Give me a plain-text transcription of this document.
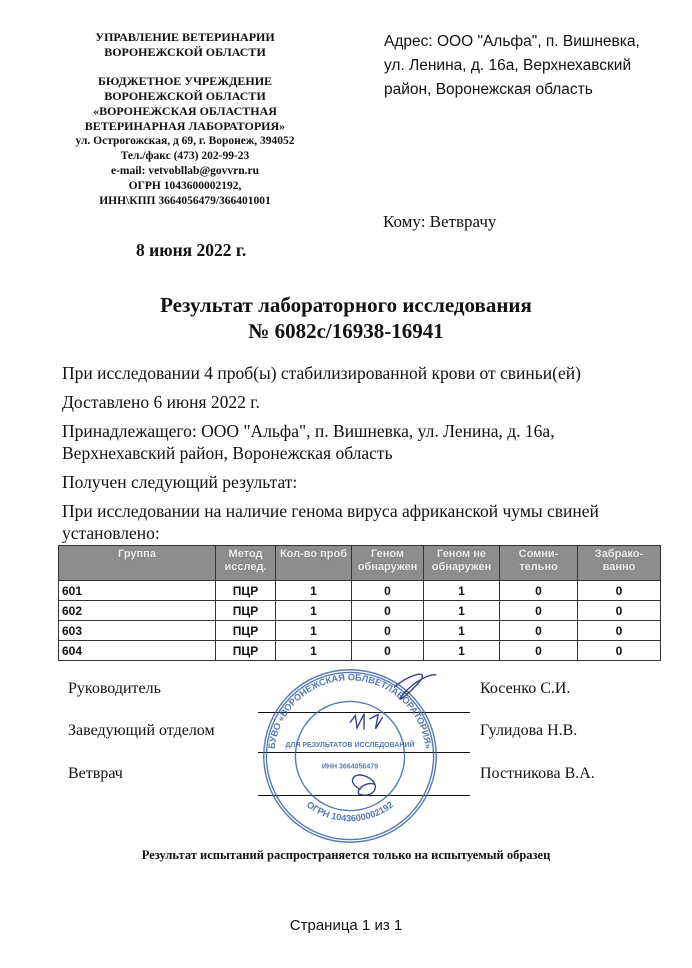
УПРАВЛЕНИЕ ВЕТЕРИНАРИИ
ВОРОНЕЖСКОЙ ОБЛАСТИ
БЮДЖЕТНОЕ УЧРЕЖДЕНИЕ
ВОРОНЕЖСКОЙ ОБЛАСТИ
«ВОРОНЕЖСКАЯ ОБЛАСТНАЯ
ВЕТЕРИНАРНАЯ ЛАБОРАТОРИЯ»
ул. Острогожская, д 69, г. Воронеж, 394052
Тел./факс (473) 202-99-23
e-mail: vetvobllab@govvrn.ru
ОГРН 1043600002192,
ИНН\КПП 3664056479/366401001
Адрес: ООО "Альфа", п. Вишневка,
ул. Ленина, д. 16а, Верхнехавский
район, Воронежская область
Кому: Ветврачу
8 июня 2022 г.
Результат лабораторного исследования
№ 6082с/16938-16941

При исследовании 4 проб(ы) стабилизированной крови от свиньи(ей)

Доставлено 6 июня 2022 г.

Принадлежащего: ООО "Альфа", п. Вишневка, ул. Ленина, д. 16а, Верхнехавский район, Воронежская область

Получен следующий результат:

При исследовании на наличие генома вируса африканской чумы свиней установлено:

Группа	Метод исслед.	Кол-во проб	Геном обнаружен	Геном не обнаружен	Сомни-тельно	Забрако-ванно
601	ПЦР	1	0	1	0	0
602	ПЦР	1	0	1	0	0
603	ПЦР	1	0	1	0	0
604	ПЦР	1	0	1	0	0
Руководитель	Косенко С.И.
Заведующий отделом	Гулидова Н.В.
Ветврач	Постникова В.А.
БУВО «ВОРОНЕЖСКАЯ ОБЛВЕТЛАБОРАТОРИЯ»
ОГРН 1043600002192
ДЛЯ РЕЗУЛЬТАТОВ ИССЛЕДОВАНИЙ
ИНН 3664056479
Результат испытаний распространяется только на испытуемый образец
Страница 1 из 1
